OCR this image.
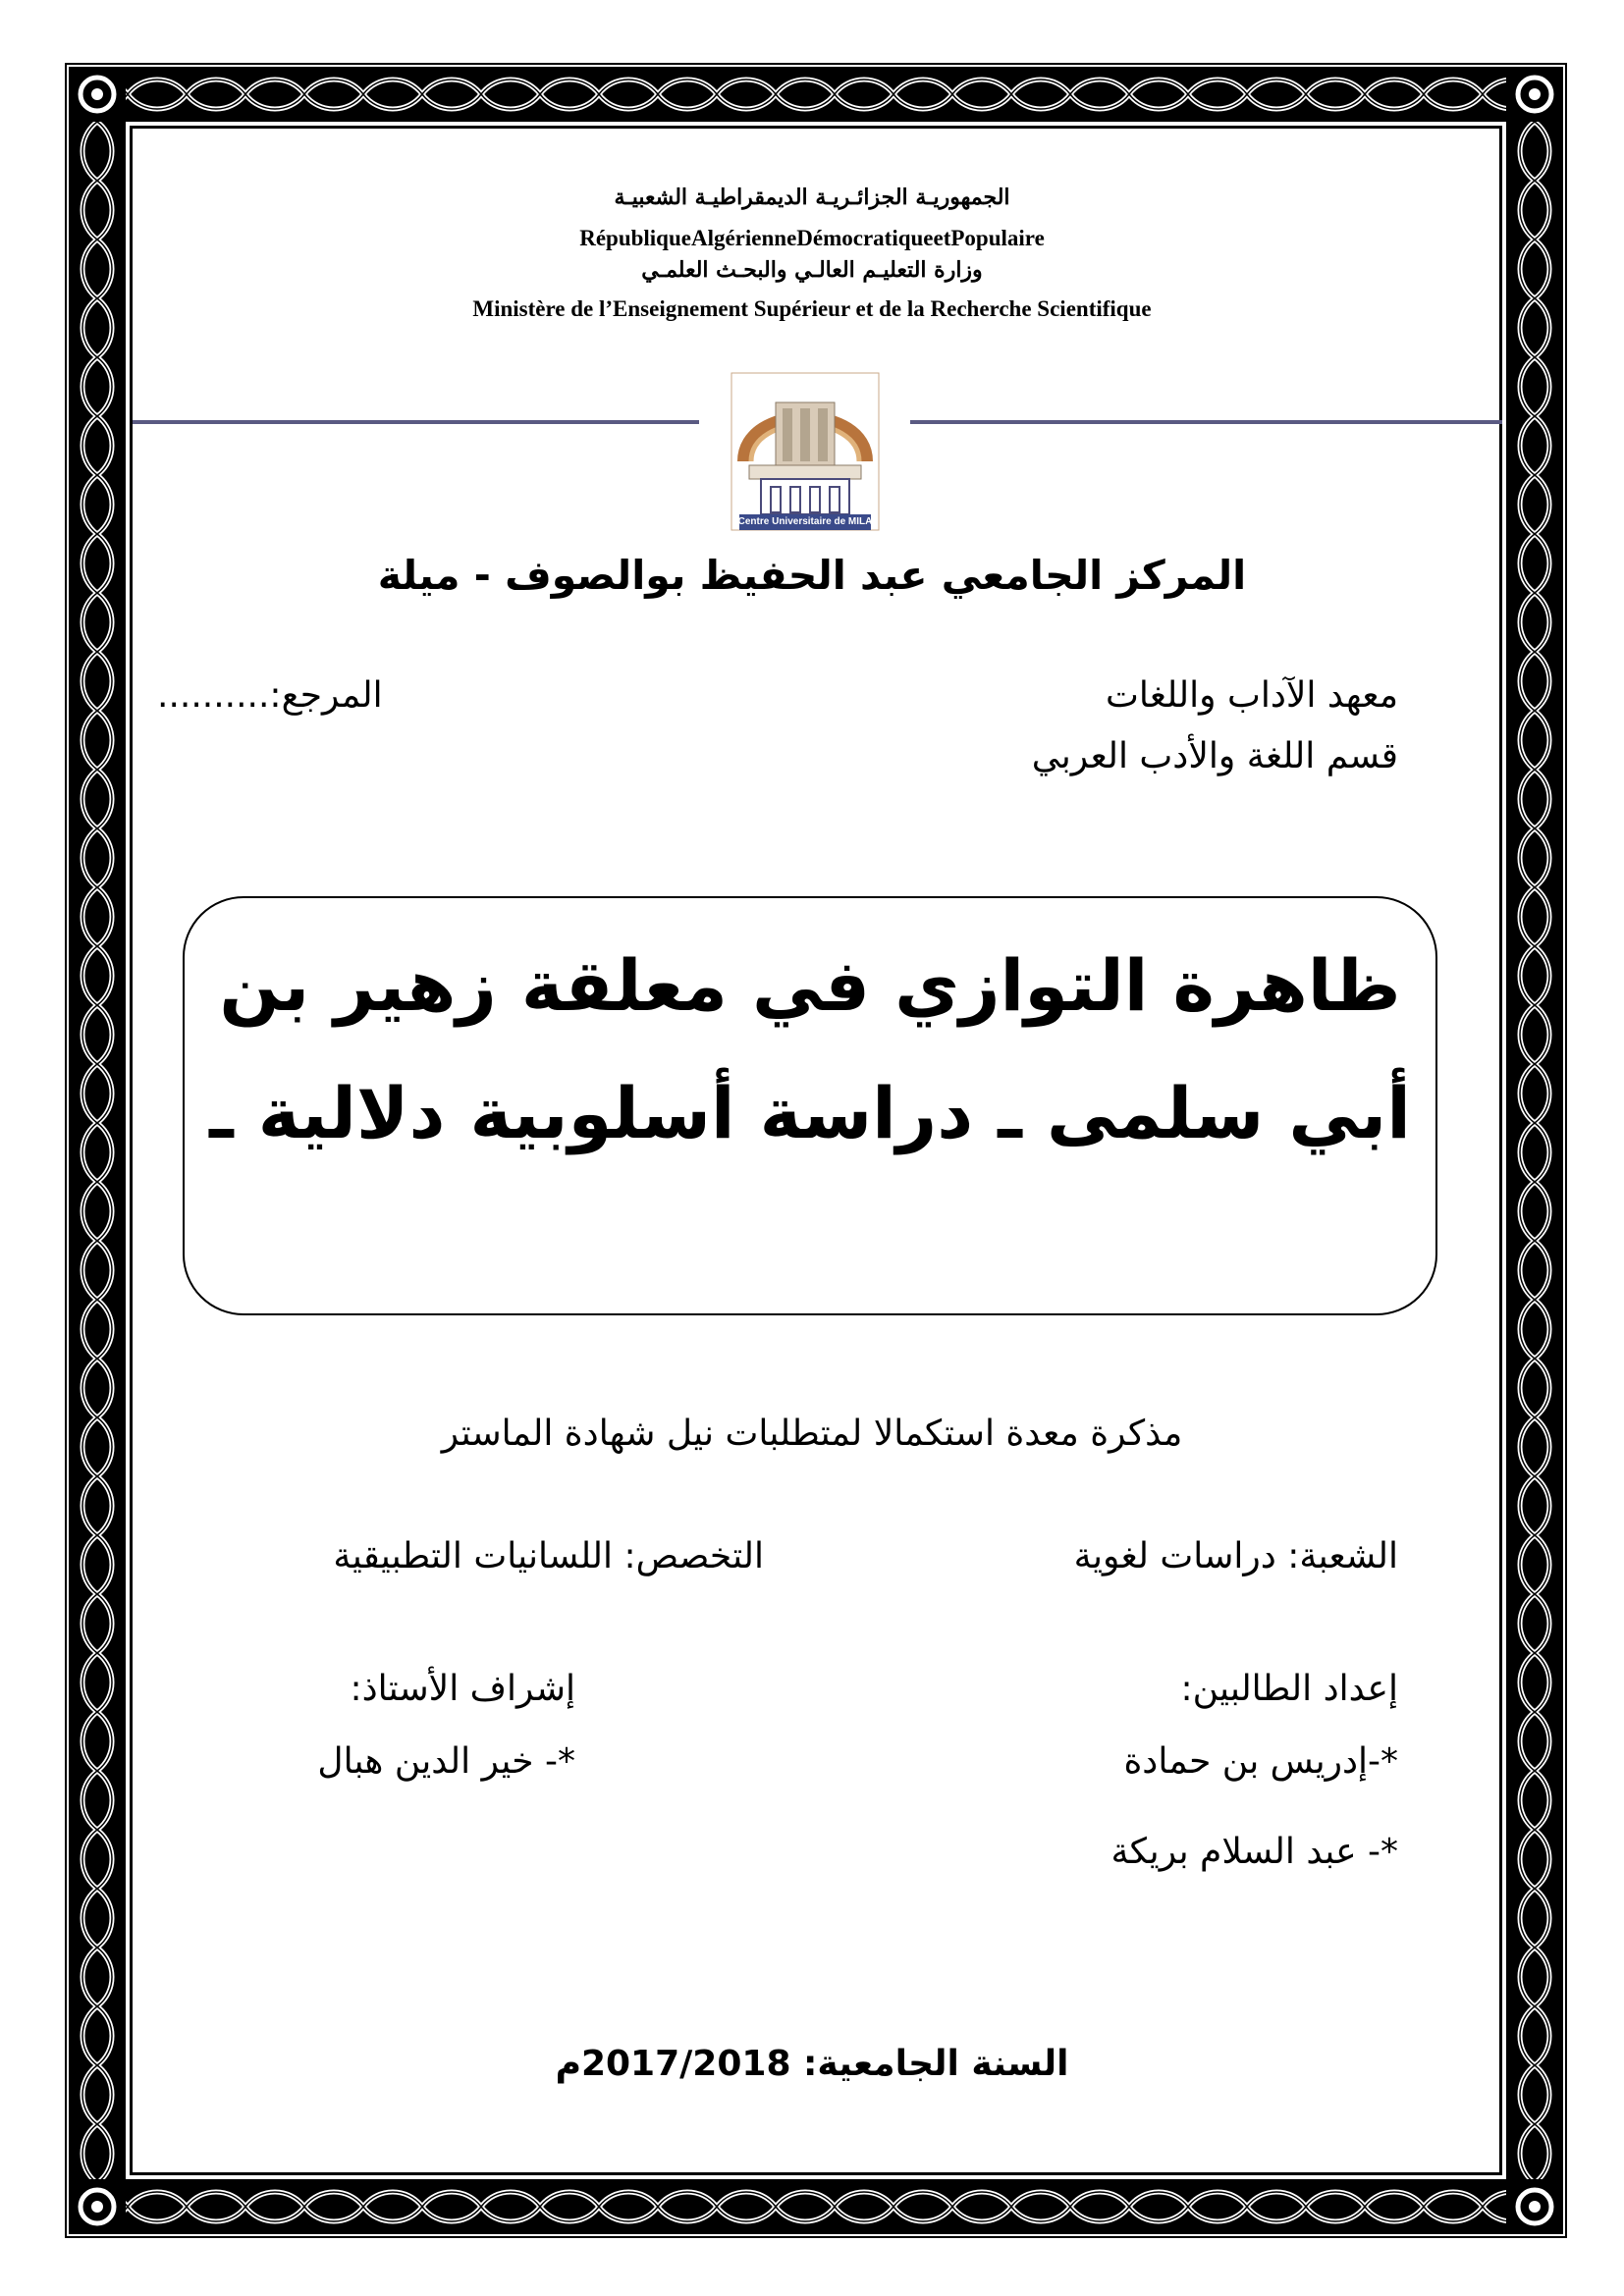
الجمهوريـة الجزائـريـة الديمقراطيـة الشعبيـة
RépubliqueAlgérienneDémocratiqueetPopulaire
وزارة التعليـم العالـي والبحـث العلمـي
Ministère de l’Enseignement Supérieur et de la Recherche Scientifique
Centre Universitaire de MILA
المركز الجامعي عبد الحفيظ بوالصوف - ميلة
معهد الآداب واللغات
قسم اللغة والأدب العربي
المرجع:..........
ظاهرة التوازي في معلقة زهير بن
أبي سلمى ـ دراسة أسلوبية دلالية ـ
مذكرة معدة استكمالا لمتطلبات نيل شهادة الماستر
الشعبة: دراسات لغوية
التخصص: اللسانيات التطبيقية
إعداد الطالبين:
إشراف الأستاذ:
*-إدريس بن حمادة
*- خير الدين هبال
*- عبد السلام بريكة
السنة الجامعية: 2017/2018م
